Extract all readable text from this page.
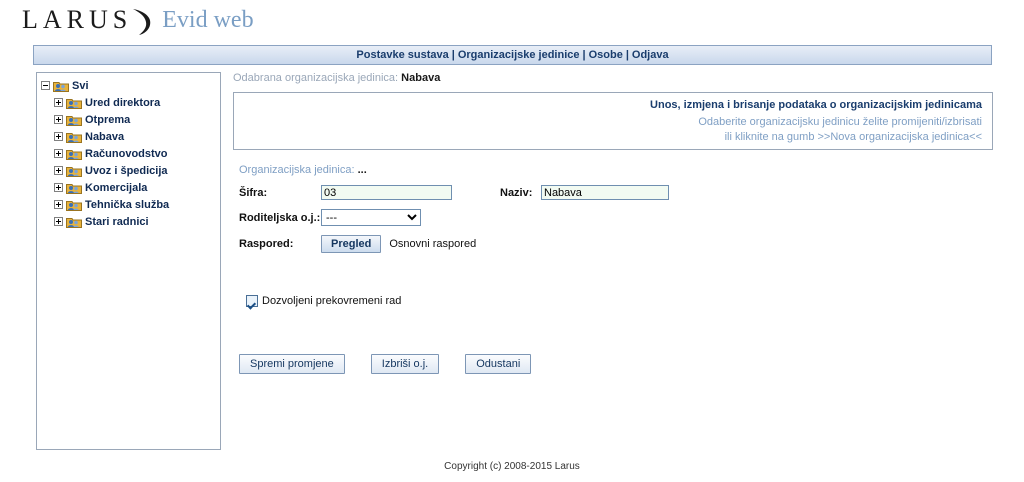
LARUS Evid web
Postavke sustava | Organizacijske jedinice | Osobe | Odjava
Svi
Ured direktora
Otprema
Nabava
Računovodstvo
Uvoz i špedicija
Komercijala
Tehnička služba
Stari radnici
Odabrana organizacijska jedinica: Nabava
Unos, izmjena i brisanje podataka o organizacijskim jedinicama
Odaberite organizacijsku jedinicu želite promijeniti/izbrisati
ili kliknite na gumb >>Nova organizacijska jedinica<<
Organizacijska jedinica: ...
Šifra:
03	Naziv:
Nabava
Roditeljska o.j.:
---
Raspored:	Pregled	Osnovni raspored
Dozvoljeni prekovremeni rad
Spremi promjene	Izbriši o.j.	Odustani
Copyright (c) 2008-2015 Larus
